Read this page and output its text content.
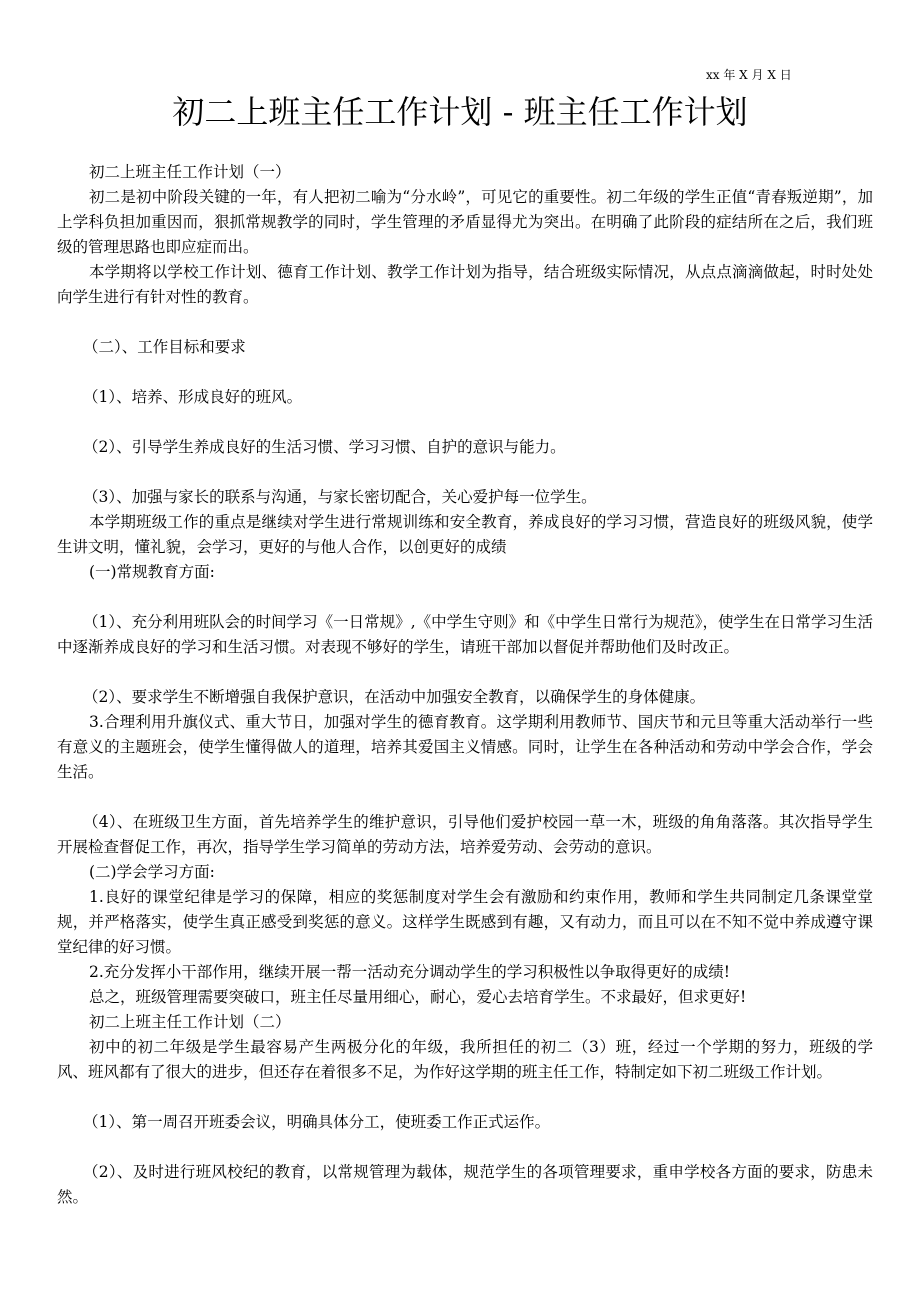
xx 年 X 月 X 日
初二上班主任工作计划 - 班主任工作计划

初二上班主任工作计划（一）

初二是初中阶段关键的一年，有人把初二喻为“分水岭”，可见它的重要性。初二年级的学生正值“青春叛逆期”，加上学科负担加重因而，狠抓常规教学的同时，学生管理的矛盾显得尤为突出。在明确了此阶段的症结所在之后，我们班级的管理思路也即应症而出。

本学期将以学校工作计划、德育工作计划、教学工作计划为指导，结合班级实际情况，从点点滴滴做起，时时处处向学生进行有针对性的教育。

（二）、工作目标和要求

（1）、培养、形成良好的班风。

（2）、引导学生养成良好的生活习惯、学习习惯、自护的意识与能力。

（3）、加强与家长的联系与沟通，与家长密切配合，关心爱护每一位学生。

本学期班级工作的重点是继续对学生进行常规训练和安全教育，养成良好的学习习惯，营造良好的班级风貌，使学生讲文明，懂礼貌，会学习，更好的与他人合作，以创更好的成绩

(一)常规教育方面:

（1）、充分利用班队会的时间学习《一日常规》,《中学生守则》和《中学生日常行为规范》，使学生在日常学习生活中逐渐养成良好的学习和生活习惯。对表现不够好的学生，请班干部加以督促并帮助他们及时改正。

（2）、要求学生不断增强自我保护意识，在活动中加强安全教育，以确保学生的身体健康。

3.合理利用升旗仪式、重大节日，加强对学生的德育教育。这学期利用教师节、国庆节和元旦等重大活动举行一些有意义的主题班会，使学生懂得做人的道理，培养其爱国主义情感。同时，让学生在各种活动和劳动中学会合作，学会生活。

（4）、在班级卫生方面，首先培养学生的维护意识，引导他们爱护校园一草一木，班级的角角落落。其次指导学生开展检查督促工作，再次，指导学生学习简单的劳动方法，培养爱劳动、会劳动的意识。

(二)学会学习方面:

1.良好的课堂纪律是学习的保障，相应的奖惩制度对学生会有激励和约束作用，教师和学生共同制定几条课堂堂规，并严格落实，使学生真正感受到奖惩的意义。这样学生既感到有趣，又有动力，而且可以在不知不觉中养成遵守课堂纪律的好习惯。

2.充分发挥小干部作用，继续开展一帮一活动充分调动学生的学习积极性以争取得更好的成绩!

总之，班级管理需要突破口，班主任尽量用细心，耐心，爱心去培育学生。不求最好，但求更好!

初二上班主任工作计划（二）

初中的初二年级是学生最容易产生两极分化的年级，我所担任的初二（3）班，经过一个学期的努力，班级的学风、班风都有了很大的进步，但还存在着很多不足，为作好这学期的班主任工作，特制定如下初二班级工作计划。

（1）、第一周召开班委会议，明确具体分工，使班委工作正式运作。

（2）、及时进行班风校纪的教育，以常规管理为载体，规范学生的各项管理要求，重申学校各方面的要求，防患未然。
